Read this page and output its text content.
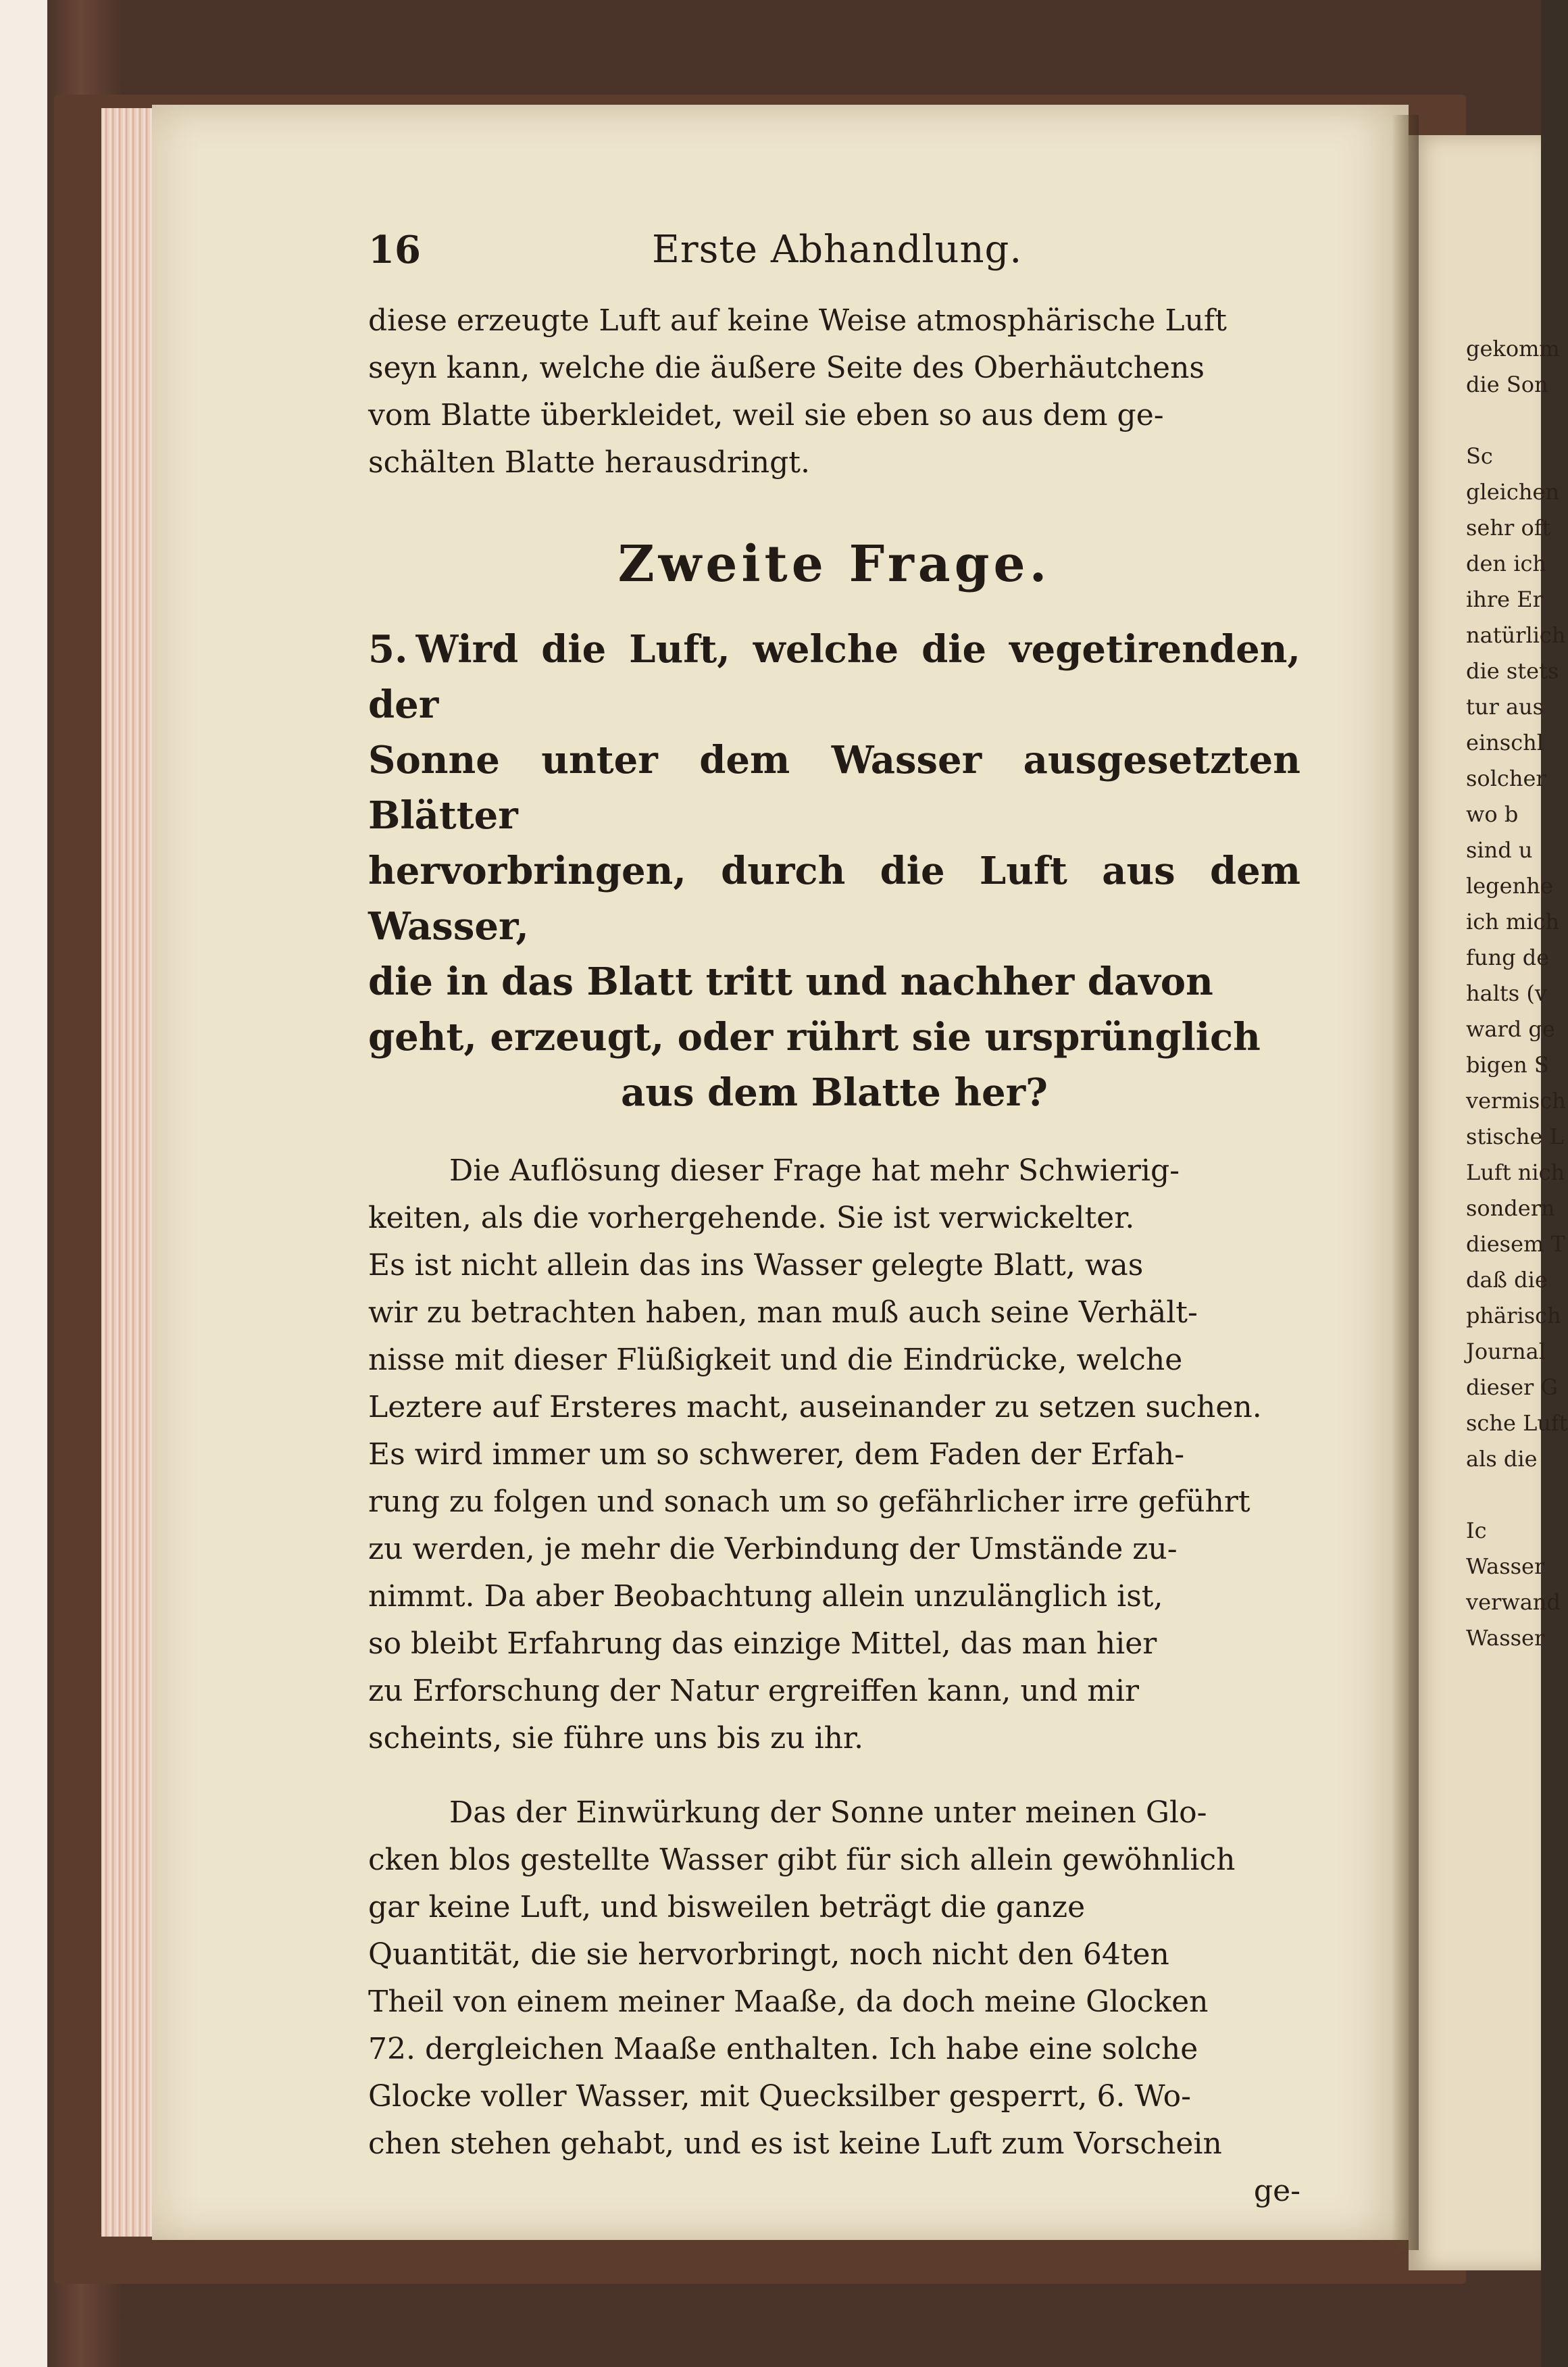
16	Erste Abhandlung.

diese erzeugte Luft auf keine Weise atmosphärische Luft

seyn kann, welche die äußere Seite des Oberhäutchens

vom Blatte überkleidet, weil sie eben so aus dem ge-

schälten Blatte herausdringt.

Zweite Frage.

5. Wird die Luft, welche die vegetirenden, der

Sonne unter dem Wasser ausgesetzten Blätter

hervorbringen, durch die Luft aus dem Wasser,

die in das Blatt tritt und nachher davon

geht, erzeugt, oder rührt sie ursprünglich

aus dem Blatte her?

Die Auflösung dieser Frage hat mehr Schwierig-

keiten, als die vorhergehende. Sie ist verwickelter.

Es ist nicht allein das ins Wasser gelegte Blatt, was

wir zu betrachten haben, man muß auch seine Verhält-

nisse mit dieser Flüßigkeit und die Eindrücke, welche

Leztere auf Ersteres macht, auseinander zu setzen suchen.

Es wird immer um so schwerer, dem Faden der Erfah-

rung zu folgen und sonach um so gefährlicher irre geführt

zu werden, je mehr die Verbindung der Umstände zu-

nimmt. Da aber Beobachtung allein unzulänglich ist,

so bleibt Erfahrung das einzige Mittel, das man hier

zu Erforschung der Natur ergreiffen kann, und mir

scheints, sie führe uns bis zu ihr.

Das der Einwürkung der Sonne unter meinen Glo-

cken blos gestellte Wasser gibt für sich allein gewöhnlich

gar keine Luft, und bisweilen beträgt die ganze

Quantität, die sie hervorbringt, noch nicht den 64ten

Theil von einem meiner Maaße, da doch meine Glocken

72. dergleichen Maaße enthalten. Ich habe eine solche

Glocke voller Wasser, mit Quecksilber gesperrt, 6. Wo-

chen stehen gehabt, und es ist keine Luft zum Vorschein

ge-

gekomm
die Son
Sc
gleichen
sehr oft
den ich
ihre Er
natürlich
die stets
tur aus
einschl
solcher
wo b
sind u
legenhe
ich mich
fung de
halts (v
ward ge
bigen S
vermisch
stische L
Luft nich
sondern
diesem T
daß die
phärisch
Journal
dieser G
sche Luft
als die
Ic
Wasser
verwand
Wasser
